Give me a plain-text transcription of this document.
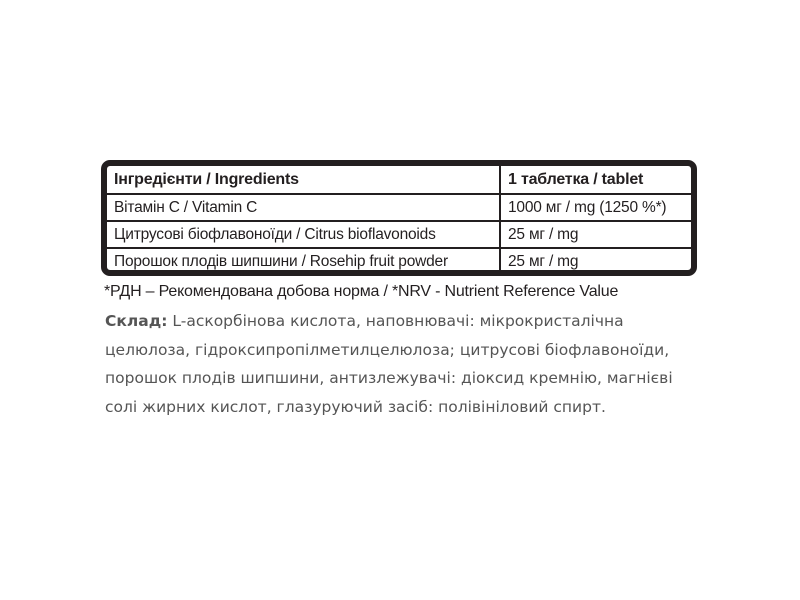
Інгредієнти / Ingredients	1 таблетка / tablet
Вітамін С / Vitamin C	1000 мг / mg (1250 %*)
Цитрусові біофлавоноїди / Citrus bioflavonoids	25 мг / mg
Порошок плодів шипшини / Rosehip fruit powder	25 мг / mg
*РДН – Рекомендована добова норма / *NRV - Nutrient Reference Value
Склад: L-аскорбінова кислота, наповнювачі: мікрокристалічна целюлоза, гідроксипропілметилцелюлоза; цитрусові біофлавоноїди, порошок плодів шипшини, антизлежувачі: діоксид кремнію, магнієві солі жирних кислот, глазуруючий засіб: полівініловий спирт.
